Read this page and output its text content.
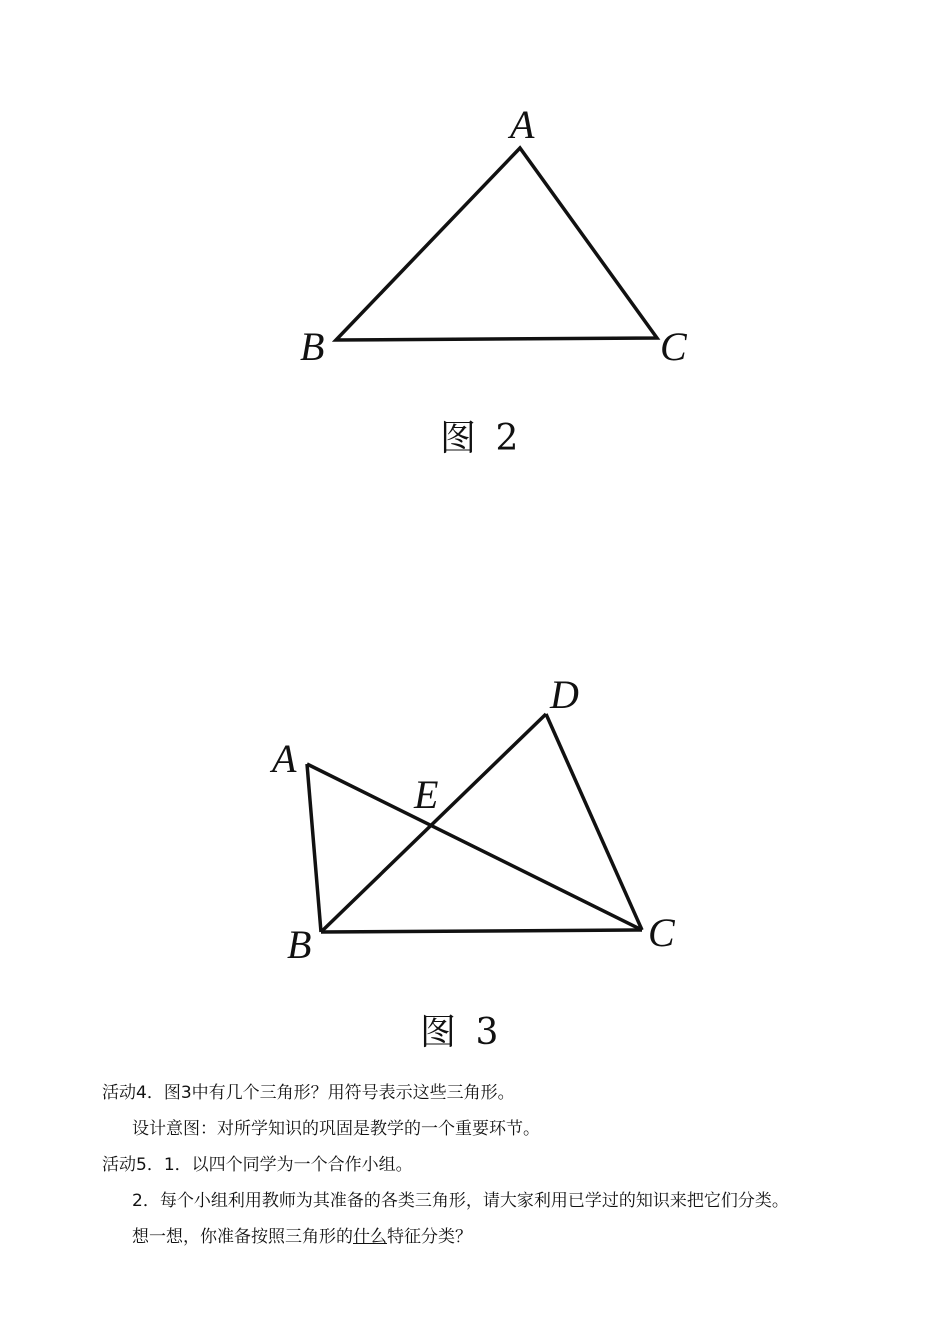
A
B	C
图 2
A
B	C
D
E
图 3
活动4．图3中有几个三角形？用符号表示这些三角形。
设计意图：对所学知识的巩固是教学的一个重要环节。
活动5．1．以四个同学为一个合作小组。
2．每个小组利用教师为其准备的各类三角形，请大家利用已学过的知识来把它们分类。
想一想，你准备按照三角形的什么特征分类？
